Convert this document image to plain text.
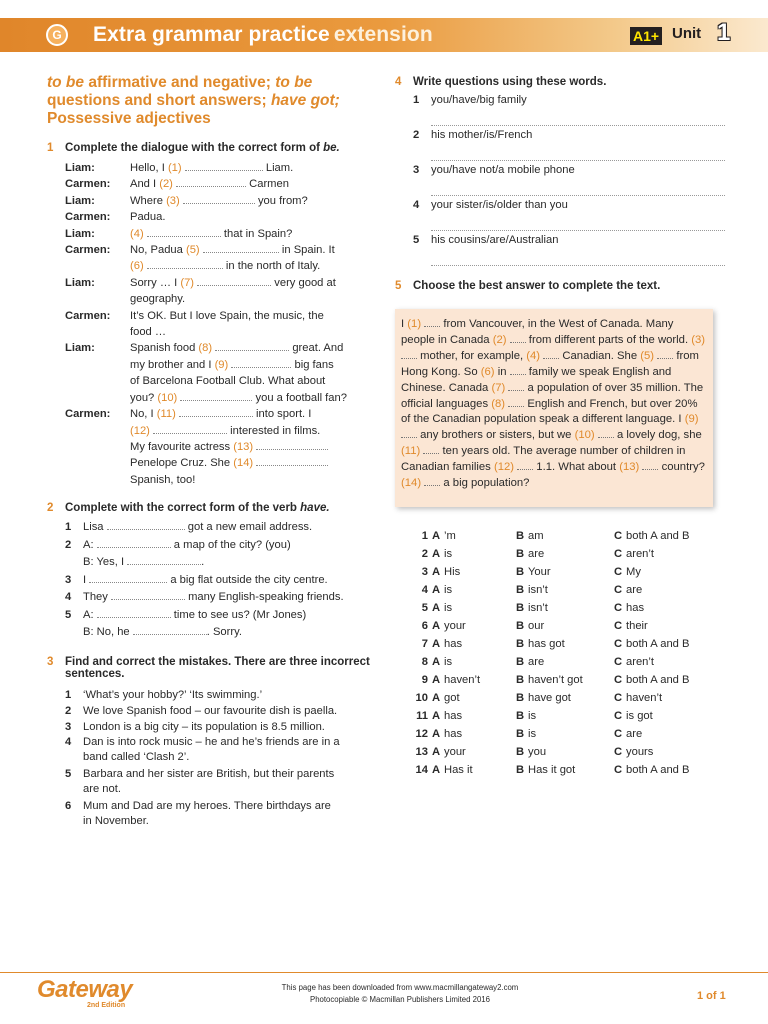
G	Extra grammar practice extension	A1+ Unit 1
to be affirmative and negative; to be questions and short answers; have got; Possessive adjectives
1	Complete the dialogue with the correct form of be.
Liam:	Hello, I (1)	Liam.
Carmen:	And I (2)	Carmen
Liam:	Where (3)	you from?
Carmen:	Padua.
Liam:	(4)	that in Spain?
Carmen:	No, Padua (5)	in Spain. It
(6)	in the north of Italy.
Liam:	Sorry … I (7)	very good at
geography.
Carmen:	It’s OK. But I love Spain, the music, the
food …
Liam:	Spanish food (8)	great. And
my brother and I (9)	big fans
of Barcelona Football Club. What about
you? (10)	you a football fan?
Carmen:	No, I (11)	into sport. I
(12)	interested in films.
My favourite actress (13)
Penelope Cruz. She (14)
Spanish, too!
2	Complete with the correct form of the verb have.
1	Lisa	got a new email address.
2	A:	a map of the city? (you)
B: Yes, I	.
3	I	a big flat outside the city centre.
4	They	many English-speaking friends.
5	A:	time to see us? (Mr Jones)
B: No, he	. Sorry.
3	Find and correct the mistakes. There are three incorrect sentences.
1	‘What’s your hobby?’ ‘Its swimming.’
2	We love Spanish food – our favourite dish is paella.
3	London is a big city – its population is 8.5 million.
4	Dan is into rock music – he and he’s friends are in a
band called ‘Clash 2’.
5	Barbara and her sister are British, but their parents
are not.
6	Mum and Dad are my heroes. There birthdays are
in November.
4	Write questions using these words.
1	you/have/big family
2	his mother/is/French
3	you/have not/a mobile phone
4	your sister/is/older than you
5	his cousins/are/Australian
5	Choose the best answer to complete the text.
I (1)  from Vancouver, in the West of Canada. Many people in Canada (2)  from different parts of the world. (3)  mother, for example, (4)  Canadian. She (5)  from Hong Kong. So (6) in  family we speak English and Chinese. Canada (7)  a population of over 35 million. The official languages (8)  English and French, but over 20% of the Canadian population speak a different language. I (9)  any brothers or sisters, but we (10)  a lovely dog, she (11)  ten years old. The average number of children in Canadian families (12)  1.1. What about (13)  country? (14)  a big population?
1 A ’m	B am	C both A and B
2 A is	B are	C aren’t
3 A His	B Your	C My
4 A is	B isn’t	C are
5 A is	B isn’t	C has
6 A your	B our	C their
7 A has	B has got	C both A and B
8 A is	B are	C aren’t
9 A haven’t	B haven’t got	C both A and B
10 A got	B have got	C haven’t
11 A has	B is	C is got
12 A has	B is	C are
13 A your	B you	C yours
14 A Has it	B Has it got	C both A and B
Gateway
2nd Edition
This page has been downloaded from www.macmillangateway2.com
Photocopiable © Macmillan Publishers Limited 2016	1 of 1
